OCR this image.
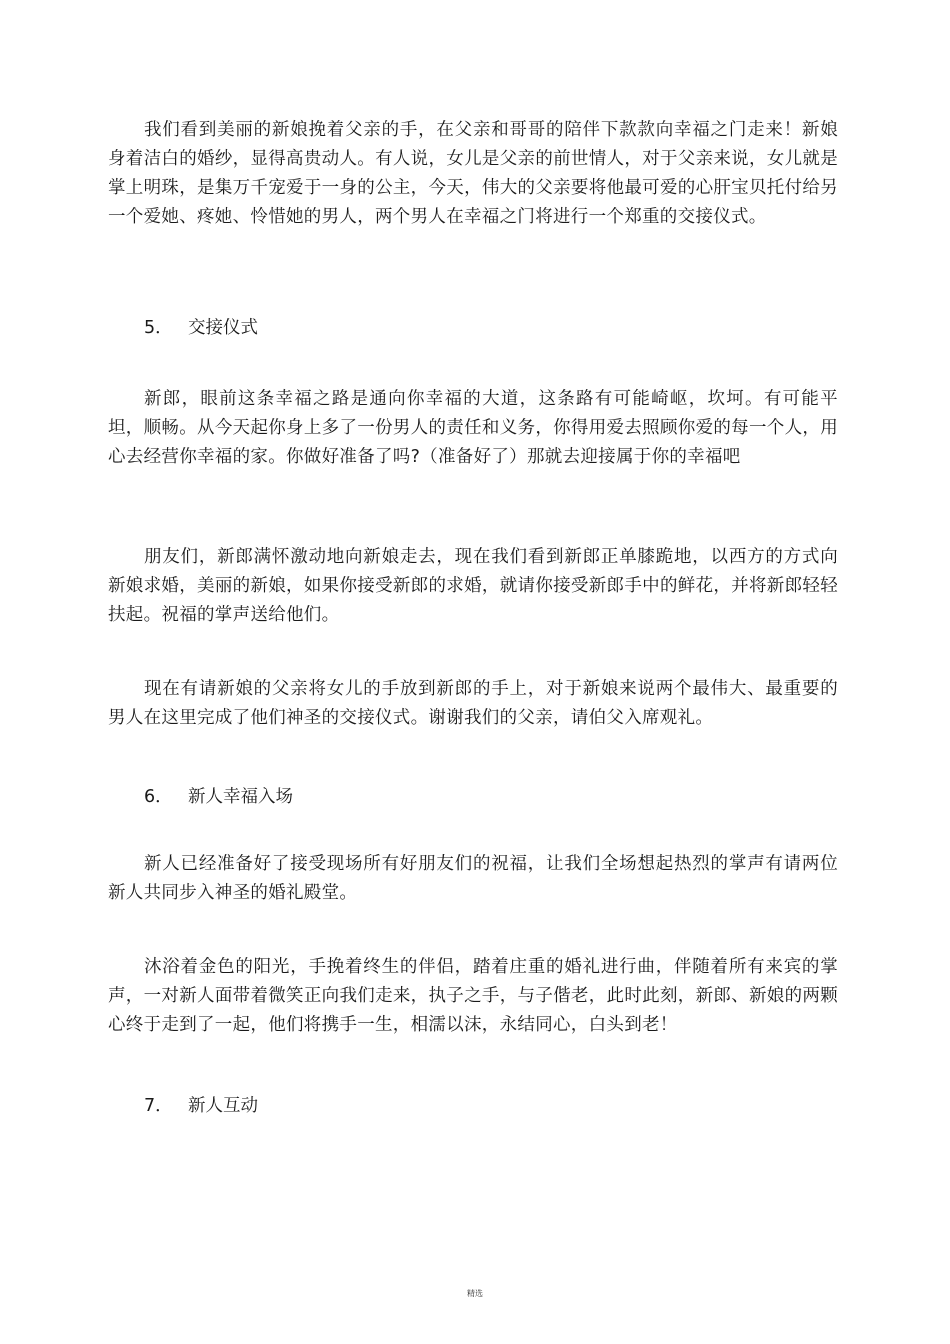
我们看到美丽的新娘挽着父亲的手，在父亲和哥哥的陪伴下款款向幸福之门走来！新娘身着洁白的婚纱，显得高贵动人。有人说，女儿是父亲的前世情人，对于父亲来说，女儿就是掌上明珠，是集万千宠爱于一身的公主，今天，伟大的父亲要将他最可爱的心肝宝贝托付给另一个爱她、疼她、怜惜她的男人，两个男人在幸福之门将进行一个郑重的交接仪式。

5． 交接仪式

新郎，眼前这条幸福之路是通向你幸福的大道，这条路有可能崎岖，坎坷。有可能平坦，顺畅。从今天起你身上多了一份男人的责任和义务，你得用爱去照顾你爱的每一个人，用心去经营你幸福的家。你做好准备了吗?（准备好了）那就去迎接属于你的幸福吧

朋友们，新郎满怀激动地向新娘走去，现在我们看到新郎正单膝跪地，以西方的方式向新娘求婚，美丽的新娘，如果你接受新郎的求婚，就请你接受新郎手中的鲜花，并将新郎轻轻扶起。祝福的掌声送给他们。

现在有请新娘的父亲将女儿的手放到新郎的手上，对于新娘来说两个最伟大、最重要的男人在这里完成了他们神圣的交接仪式。谢谢我们的父亲，请伯父入席观礼。

6． 新人幸福入场

新人已经准备好了接受现场所有好朋友们的祝福，让我们全场想起热烈的掌声有请两位新人共同步入神圣的婚礼殿堂。

沐浴着金色的阳光，手挽着终生的伴侣，踏着庄重的婚礼进行曲，伴随着所有来宾的掌声，一对新人面带着微笑正向我们走来，执子之手，与子偕老，此时此刻，新郎、新娘的两颗心终于走到了一起，他们将携手一生，相濡以沫，永结同心，白头到老！

7． 新人互动
精选
